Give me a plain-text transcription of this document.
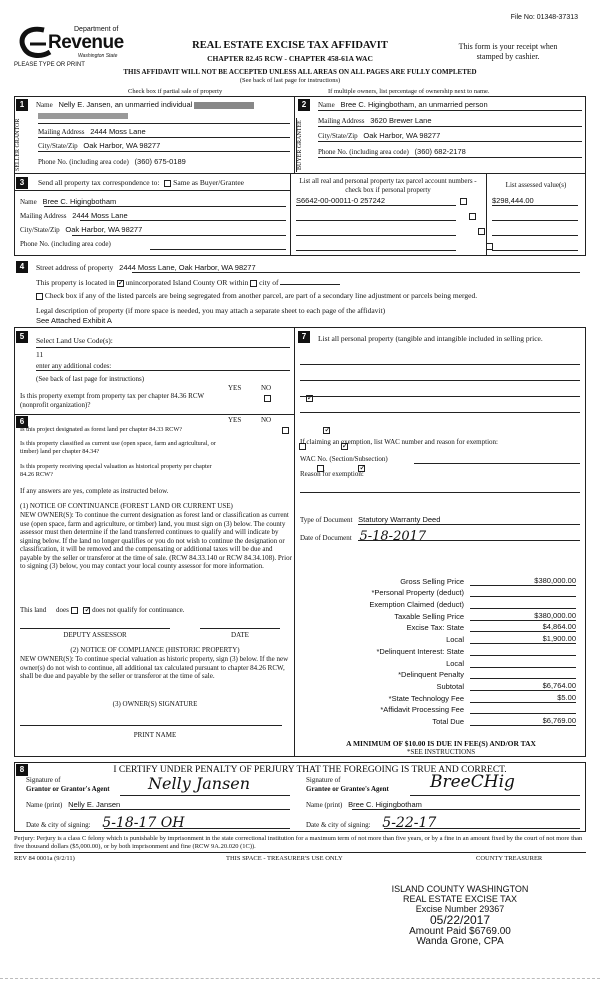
File No: 01348-37313
Department of
Revenue
Washington State
PLEASE TYPE OR PRINT
REAL ESTATE EXCISE TAX AFFIDAVIT
CHAPTER 82.45 RCW - CHAPTER 458-61A WAC
This form is your receipt when stamped by cashier.
THIS AFFIDAVIT WILL NOT BE ACCEPTED UNLESS ALL AREAS ON ALL PAGES ARE FULLY COMPLETED
(See back of last page for instructions)
Check box if partial sale of property	If multiple owners, list percentage of ownership next to name.
1
SELLER GRANTOR
Name Nelly E. Jansen, an unmarried individual
Mailing Address 2444 Moss Lane
City/State/Zip Oak Harbor, WA 98277
Phone No. (including area code) (360) 675-0189
2
BUYER GRANTEE
Name Bree C. Higingbotham, an unmarried person
Mailing Address 3620 Brewer Lane
City/State/Zip Oak Harbor, WA 98277
Phone No. (including area code) (360) 682-2178
3	Send all property tax correspondence to: Same as Buyer/Grantee
Name Bree C. Higingbotham
Mailing Address 2444 Moss Lane
City/State/Zip Oak Harbor, WA 98277
Phone No. (including area code)
List all real and personal property tax parcel account numbers - check box if personal property
List assessed value(s)
S6642-00-00011-0 257242	$298,444.00

4	Street address of property 2444 Moss Lane, Oak Harbor, WA 98277
This property is located in ✓ unincorporated Island County OR within city of
Check box if any of the listed parcels are being segregated from another parcel, are part of a secondary line adjustment or parcels being merged.
Legal description of property (if more space is needed, you may attach a separate sheet to each page of the affidavit)
See Attached Exhibit A
5	Select Land Use Code(s):
11
enter any additional codes:
(See back of last page for instructions)
YES	NO
Is this property exempt from property tax per chapter 84.36 RCW (nonprofit organization)?
✓
6	YES	NO
Is this project designated as forest land per chapter 84.33 RCW?
✓
Is this property classified as current use (open space, farm and agricultural, or timber) land per chapter 84.34?
✓
Is this property receiving special valuation as historical property per chapter 84.26 RCW?
✓
If any answers are yes, complete as instructed below.
(1) NOTICE OF CONTINUANCE (FOREST LAND OR CURRENT USE)
NEW OWNER(S): To continue the current designation as forest land or classification as current use (open space, farm and agriculture, or timber) land, you must sign on (3) below. The county assessor must then determine if the land transferred continues to qualify and will indicate by signing below. If the land no longer qualifies or you do not wish to continue the designation or classification, it will be removed and the compensating or additional taxes will be due and payable by the seller or transferor at the time of sale. (RCW 84.33.140 or RCW 84.34.108). Prior to signing (3) below, you may contact your local county assessor for more information.
This land does ✓	does not qualify for continuance.
DEPUTY ASSESSOR	DATE
(2) NOTICE OF COMPLIANCE (HISTORIC PROPERTY)
NEW OWNER(S): To continue special valuation as historic property, sign (3) below. If the new owner(s) do not wish to continue, all additional tax calculated pursuant to chapter 84.26 RCW, shall be due and payable by the seller or transferor at the time of sale.
(3) OWNER(S) SIGNATURE
PRINT NAME
7	List all personal property (tangible and intangible included in selling price.
If claiming an exemption, list WAC number and reason for exemption:
WAC No. (Section/Subsection)
Reason for exemption:
Type of Document Statutory Warranty Deed
Date of Document 5-18-2017
Gross Selling Price	$380,000.00
*Personal Property (deduct)
Exemption Claimed (deduct)
Taxable Selling Price	$380,000.00
Excise Tax: State	$4,864.00
Local	$1,900.00
*Delinquent Interest: State
Local
*Delinquent Penalty
Subtotal	$6,764.00
*State Technology Fee	$5.00
*Affidavit Processing Fee
Total Due	$6,769.00
A MINIMUM OF $10.00 IS DUE IN FEE(S) AND/OR TAX
*SEE INSTRUCTIONS
8	I CERTIFY UNDER PENALTY OF PERJURY THAT THE FOREGOING IS TRUE AND CORRECT.
Signature of
Grantor or Grantor's Agent Nelly Jansen
Name (print) Nelly E. Jansen
Date & city of signing: 5-18-17 OH
Signature of
Grantee or Grantee's Agent BreeCHig
Name (print) Bree C. Higingbotham
Date & city of signing: 5-22-17
Perjury: Perjury is a class C felony which is punishable by imprisonment in the state correctional institution for a maximum term of not more than five years, or by a fine in an amount fixed by the court of not more than five thousand dollars ($5,000.00), or by both imprisonment and fine (RCW 9A.20.020 (1C)).
REV 84 0001a (9/2/11)	THIS SPACE - TREASURER'S USE ONLY	COUNTY TREASURER
ISLAND COUNTY WASHINGTON
REAL ESTATE EXCISE TAX
Excise Number 29367
05/22/2017
Amount Paid $6769.00
Wanda Grone, CPA
